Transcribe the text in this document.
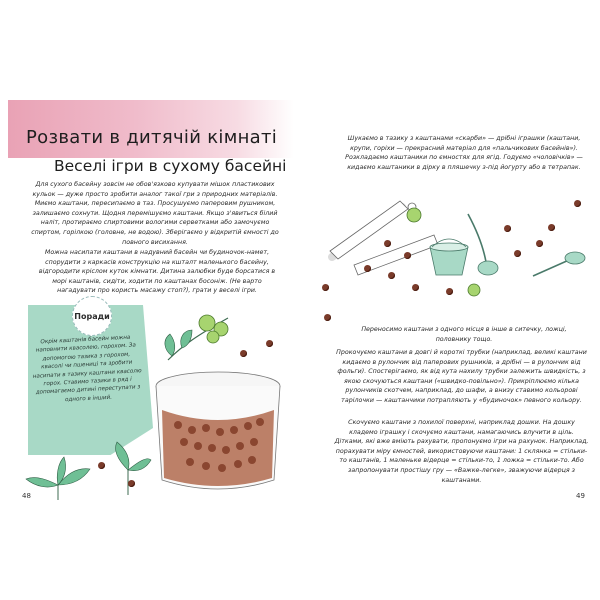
Розвати в дитячій кімнаті
Веселі ігри в сухому басейні
Для сухого басейну зовсім не обов'язково купувати мішок пластикових кульок — дуже просто зробити аналог такої гри з природних матеріалів. Миємо каштани, пересипаємо в таз. Просушуємо паперовим рушником, залишаємо сохнути. Щодня перемішуємо каштани. Якщо з'явиться білий наліт, протираємо спиртовими вологими серветками або замочуємо спиртом, горілкою (головне, не водою). Зберігаємо у відкритій ємності до повного висихання.
Можна насипати каштани в надувний басейн чи будиночок-намет, спорудити з каркасів конструкцію на кшталт маленького басейну, відгородити кріслом куток кімнати. Дитина залюбки буде борсатися в морі каштанів, сидіти, ходити по каштанах босоніж. (Не варто нагадувати про користь масажу стоп?), грати у веселі ігри.
Поради
Окрім каштанів басейн можна наповнити квасолею, горохом. За допомогою тазика з горохом, квасолі чи пшениці та зробити насипати в тазику каштани квасолю горох. Ставимо тазики в ряд і допомагаємо дитині переступати з одного в інший.
48
Шукаємо в тазику з каштанами «скарби» — дрібні іграшки (каштани, крупи, горіхи — прекрасний матеріал для «пальчикових басейнів»). Розкладаємо каштаники по ємностях для ягід. Годуємо «чоловічків» — кидаємо каштаники в дірку в пляшечку з-під йогурту або в тетрапак.
Переносимо каштани з одного місця в інше в ситечку, ложці, половнику тощо.
Прокочуємо каштани в довгі й короткі трубки (наприклад, великі каштани кидаємо в рулончик від паперових рушників, а дрібні — в рулончик від фольги). Спостерігаємо, як від кута нахилу трубки залежить швидкість, з якою скочуються каштани («швидко-повільно»). Прикріплюємо кілька рулончиків скотчем, наприклад, до шафи, а внизу ставимо кольорові тарілочки — каштанчики потрапляють у «будиночок» певного кольору.
Скочуємо каштани з похилої поверхні, наприклад дошки. На дошку кладемо іграшку і скочуємо каштани, намагаючись влучити в ціль. Дітками, які вже вміють рахувати, пропонуємо ігри на рахунок. Наприклад, порахувати міру ємностей, використовуючи каштани: 1 склянка = стільки-то каштанів, 1 маленьке відерце = стільки-то, 1 ложка = стільки-то. Або запропонувати простішу гру — «Важке-легке», зважуючи відерця з каштанами.
49
